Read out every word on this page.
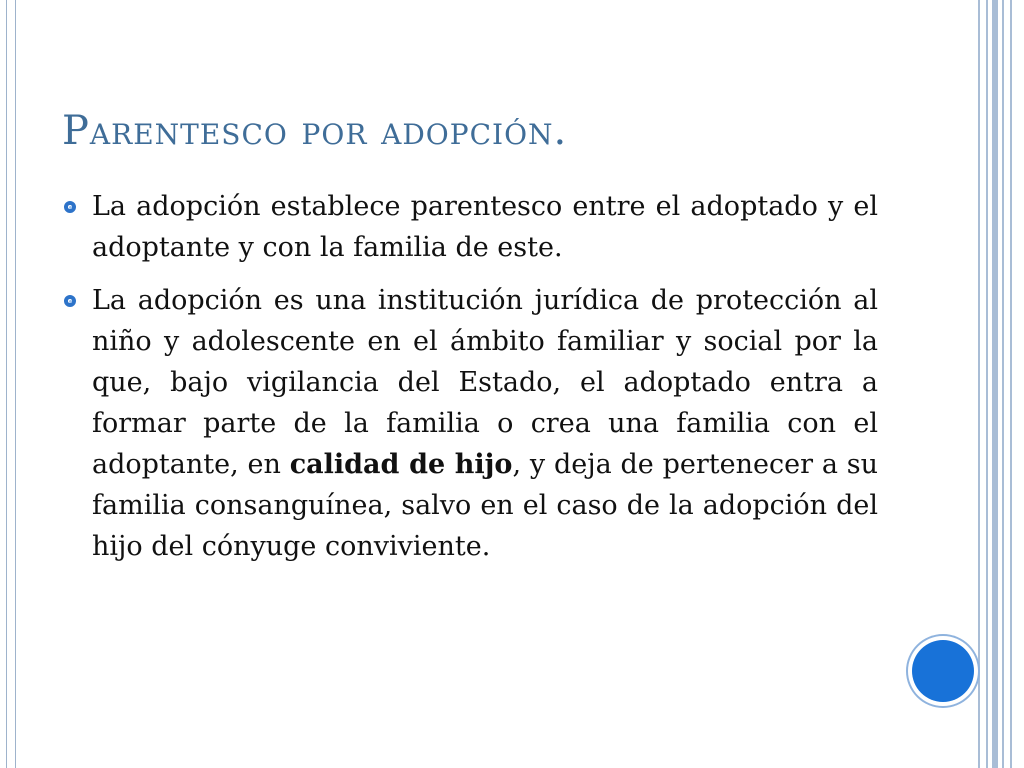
Parentesco por adopción.
La adopción establece parentesco entre el adoptado y el adoptante y con la familia de este.
La adopción es una institución jurídica de protección al niño y adolescente en el ámbito familiar y social por la que, bajo vigilancia del Estado, el adoptado entra a formar parte de la familia o crea una familia con el adoptante, en calidad de hijo, y deja de pertenecer a su familia consanguínea, salvo en el caso de la adopción del hijo del cónyuge conviviente.
